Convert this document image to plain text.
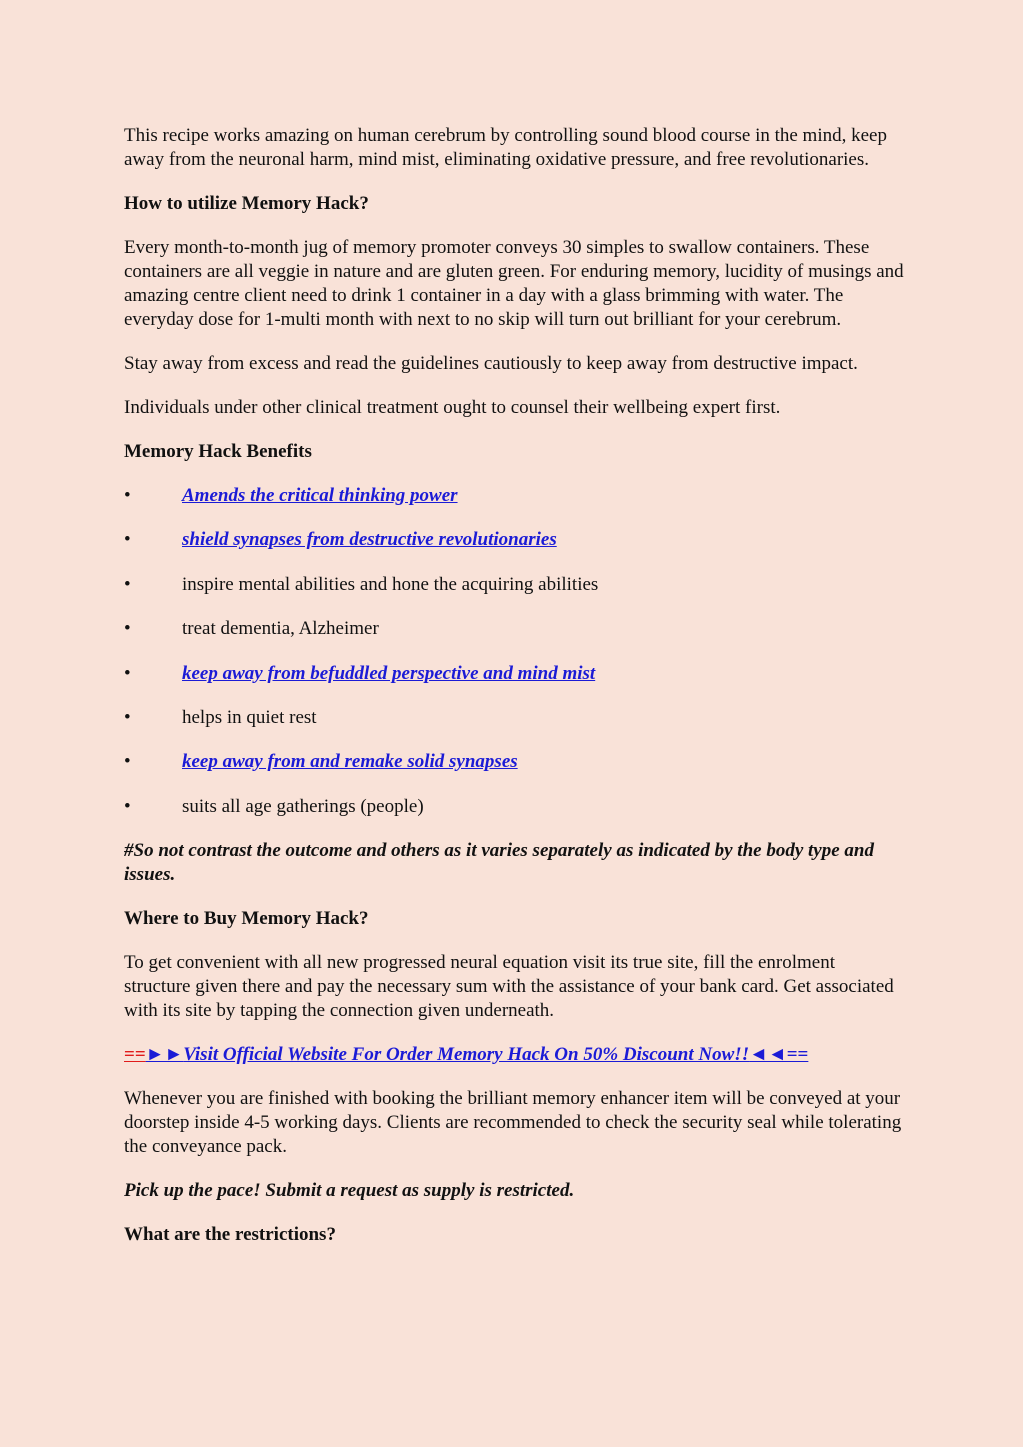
This recipe works amazing on human cerebrum by controlling sound blood course in the mind, keep away from the neuronal harm, mind mist, eliminating oxidative pressure, and free revolutionaries.

How to utilize Memory Hack?

Every month-to-month jug of memory promoter conveys 30 simples to swallow containers. These containers are all veggie in nature and are gluten green. For enduring memory, lucidity of musings and amazing centre client need to drink 1 container in a day with a glass brimming with water. The everyday dose for 1-multi month with next to no skip will turn out brilliant for your cerebrum.

Stay away from excess and read the guidelines cautiously to keep away from destructive impact.

Individuals under other clinical treatment ought to counsel their wellbeing expert first.

Memory Hack Benefits

•	Amends the critical thinking power
•	shield synapses from destructive revolutionaries
•	inspire mental abilities and hone the acquiring abilities
•	treat dementia, Alzheimer
•	keep away from befuddled perspective and mind mist
•	helps in quiet rest
•	keep away from and remake solid synapses
•	suits all age gatherings (people)

#So not contrast the outcome and others as it varies separately as indicated by the body type and issues.

Where to Buy Memory Hack?

To get convenient with all new progressed neural equation visit its true site, fill the enrolment structure given there and pay the necessary sum with the assistance of your bank card. Get associated with its site by tapping the connection given underneath.

==►►Visit Official Website For Order Memory Hack On 50% Discount Now!!◄◄==

Whenever you are finished with booking the brilliant memory enhancer item will be conveyed at your doorstep inside 4-5 working days. Clients are recommended to check the security seal while tolerating the conveyance pack.

Pick up the pace! Submit a request as supply is restricted.

What are the restrictions?
